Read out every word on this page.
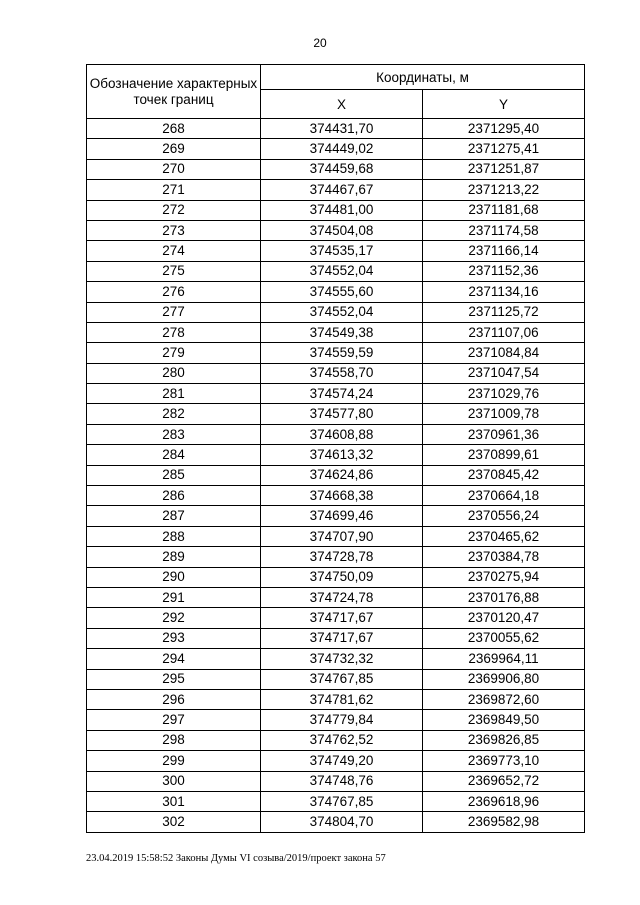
20
Обозначение характерных точек границ	Координаты, м	
	X	Y
268	374431,70	2371295,40
269	374449,02	2371275,41
270	374459,68	2371251,87
271	374467,67	2371213,22
272	374481,00	2371181,68
273	374504,08	2371174,58
274	374535,17	2371166,14
275	374552,04	2371152,36
276	374555,60	2371134,16
277	374552,04	2371125,72
278	374549,38	2371107,06
279	374559,59	2371084,84
280	374558,70	2371047,54
281	374574,24	2371029,76
282	374577,80	2371009,78
283	374608,88	2370961,36
284	374613,32	2370899,61
285	374624,86	2370845,42
286	374668,38	2370664,18
287	374699,46	2370556,24
288	374707,90	2370465,62
289	374728,78	2370384,78
290	374750,09	2370275,94
291	374724,78	2370176,88
292	374717,67	2370120,47
293	374717,67	2370055,62
294	374732,32	2369964,11
295	374767,85	2369906,80
296	374781,62	2369872,60
297	374779,84	2369849,50
298	374762,52	2369826,85
299	374749,20	2369773,10
300	374748,76	2369652,72
301	374767,85	2369618,96
302	374804,70	2369582,98
23.04.2019 15:58:52 Законы Думы VI созыва/2019/проект закона 57
